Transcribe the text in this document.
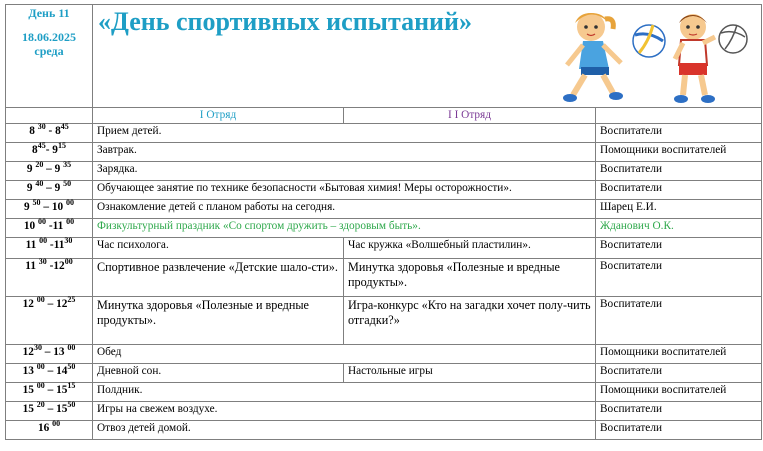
День 11
18.06.2025
среда	«День спортивных испытаний»		

	I Отряд	I I Отряд	
8 $^{30} - 8^{45}$	Прием детей.		Воспитатели
$8^{45}-$ $9^{15}$	Завтрак.		Помощники воспитателей
9 $^{20}$ – 9 $^{35}$	Зарядка.		Воспитатели
9 $^{40}$ – 9 $^{50}$	Обучающее занятие по технике безопасности «Бытовая химия! Меры осторожности».		Воспитатели
9 $^{50}$ – 10 $^{00}$	Ознакомление детей с планом работы на сегодня.		Шарец Е.И.
10 $^{00}$ -11 $^{00}$	Физкультурный праздник «Со спортом дружить – здоровым быть».		Жданович О.К.
11 $^{00}$ $-11^{30}$	Час психолога.	Час кружка «Волшебный пластилин».	Воспитатели
11 $^{30}$ $-12^{00}$	Спортивное развлечение «Детские шало-сти».	Минутка здоровья «Полезные и вредные продукты».	Воспитатели
12 $^{00} - 12^{25}$	Минутка здоровья «Полезные и вредные продукты».	Игра-конкурс «Кто на загадки хочет полу-чить отгадки?»	Воспитатели
$12^{30} - 13$ $^{00}$	Обед		Помощники воспитателей
13 $^{00} - 14^{50}$	Дневной сон.	Настольные игры	Воспитатели
15 $^{00} - 15^{15}$	Полдник.		Помощники воспитателей
15 $^{20} - 15^{50}$	Игры на свежем воздухе.		Воспитатели
16 $^{00}$	Отвоз детей домой.		Воспитатели
